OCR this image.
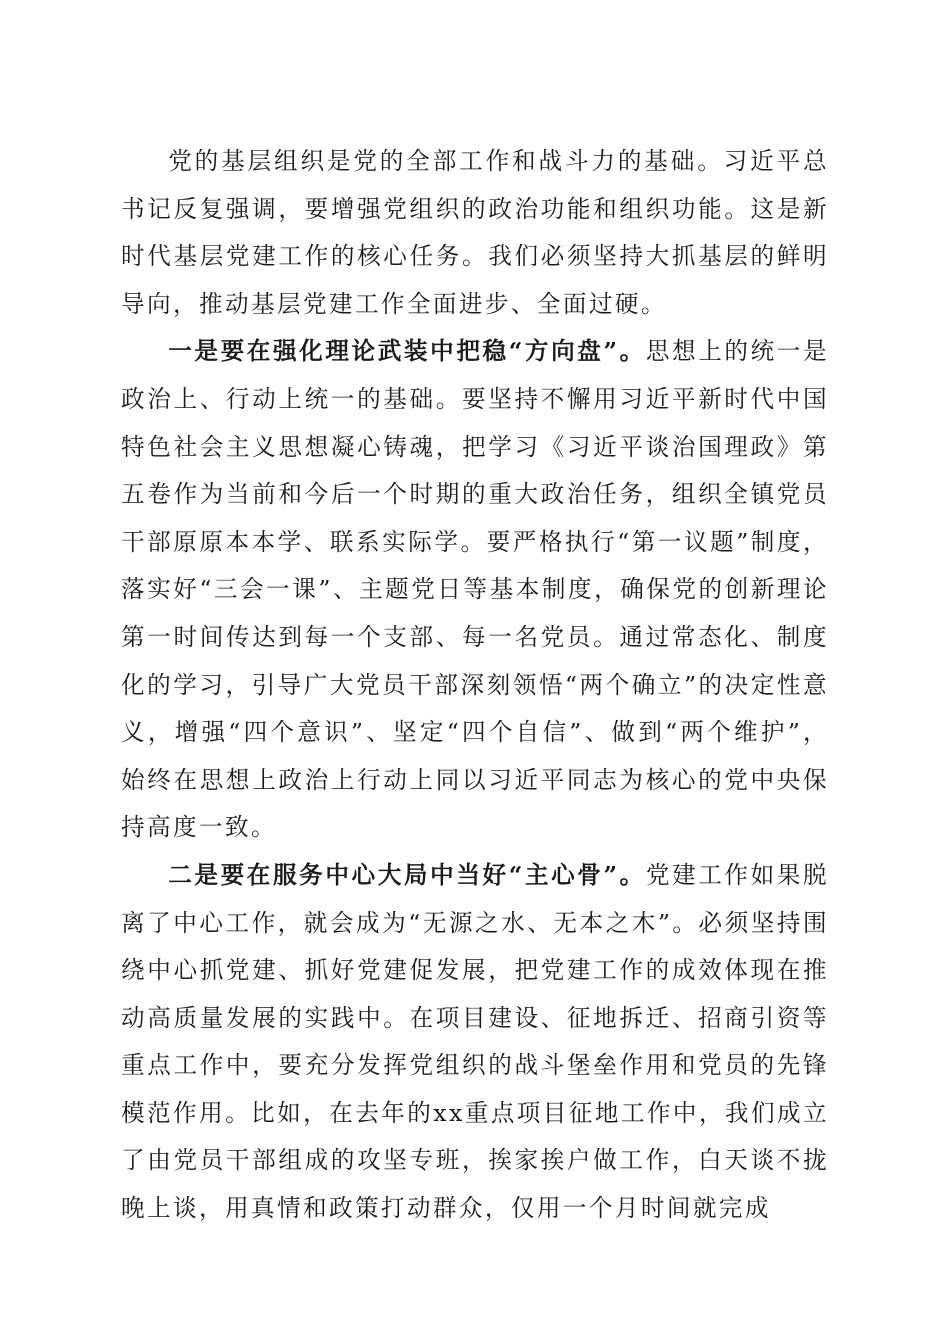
党的基层组织是党的全部工作和战斗力的基础。习近平总书记反复强调，要增强党组织的政治功能和组织功能。这是新时代基层党建工作的核心任务。我们必须坚持大抓基层的鲜明导向，推动基层党建工作全面进步、全面过硬。

一是要在强化理论武装中把稳“方向盘”。思想上的统一是政治上、行动上统一的基础。要坚持不懈用习近平新时代中国特色社会主义思想凝心铸魂，把学习《习近平谈治国理政》第五卷作为当前和今后一个时期的重大政治任务，组织全镇党员干部原原本本学、联系实际学。要严格执行“第一议题”制度，落实好“三会一课”、主题党日等基本制度，确保党的创新理论第一时间传达到每一个支部、每一名党员。通过常态化、制度化的学习，引导广大党员干部深刻领悟“两个确立”的决定性意义，增强“四个意识”、坚定“四个自信”、做到“两个维护”，始终在思想上政治上行动上同以习近平同志为核心的党中央保持高度一致。

二是要在服务中心大局中当好“主心骨”。党建工作如果脱离了中心工作，就会成为“无源之水、无本之木”。必须坚持围绕中心抓党建、抓好党建促发展，把党建工作的成效体现在推动高质量发展的实践中。在项目建设、征地拆迁、招商引资等重点工作中，要充分发挥党组织的战斗堡垒作用和党员的先锋模范作用。比如，在去年的xx重点项目征地工作中，我们成立了由党员干部组成的攻坚专班，挨家挨户做工作，白天谈不拢晚上谈，用真情和政策打动群众，仅用一个月时间就完成
